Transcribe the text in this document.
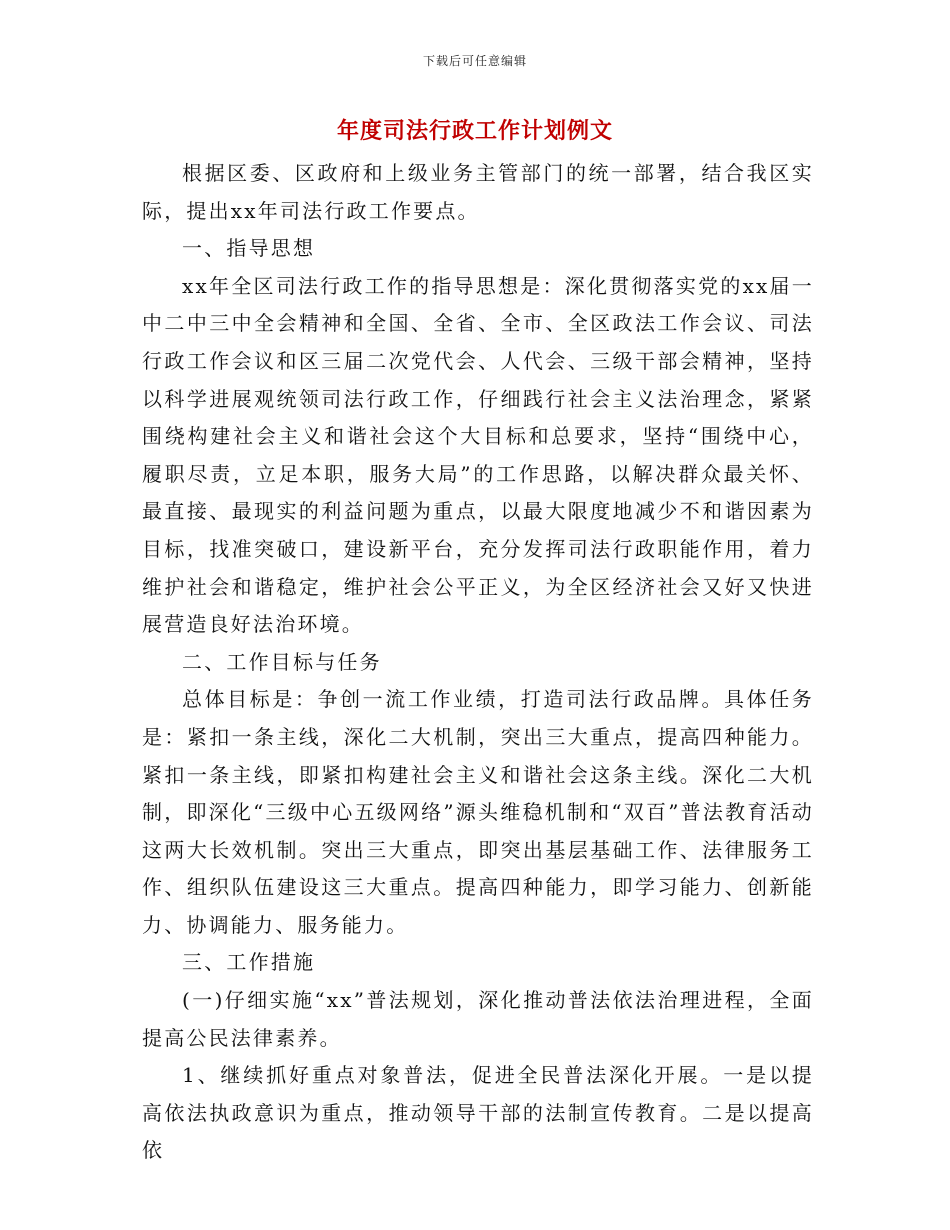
下载后可任意编辑
年度司法行政工作计划例文

根据区委、区政府和上级业务主管部门的统一部署，结合我区实际，提出xx年司法行政工作要点。

一、指导思想

xx年全区司法行政工作的指导思想是：深化贯彻落实党的xx届一中二中三中全会精神和全国、全省、全市、全区政法工作会议、司法行政工作会议和区三届二次党代会、人代会、三级干部会精神，坚持以科学进展观统领司法行政工作，仔细践行社会主义法治理念，紧紧围绕构建社会主义和谐社会这个大目标和总要求，坚持“围绕中心，履职尽责，立足本职，服务大局”的工作思路，以解决群众最关怀、最直接、最现实的利益问题为重点，以最大限度地减少不和谐因素为目标，找准突破口，建设新平台，充分发挥司法行政职能作用，着力维护社会和谐稳定，维护社会公平正义，为全区经济社会又好又快进展营造良好法治环境。

二、工作目标与任务

总体目标是：争创一流工作业绩，打造司法行政品牌。具体任务是：紧扣一条主线，深化二大机制，突出三大重点，提高四种能力。紧扣一条主线，即紧扣构建社会主义和谐社会这条主线。深化二大机制，即深化“三级中心五级网络”源头维稳机制和“双百”普法教育活动这两大长效机制。突出三大重点，即突出基层基础工作、法律服务工作、组织队伍建设这三大重点。提高四种能力，即学习能力、创新能力、协调能力、服务能力。

三、工作措施

(一)仔细实施“xx”普法规划，深化推动普法依法治理进程，全面提高公民法律素养。

1、继续抓好重点对象普法，促进全民普法深化开展。一是以提高依法执政意识为重点，推动领导干部的法制宣传教育。二是以提高依
